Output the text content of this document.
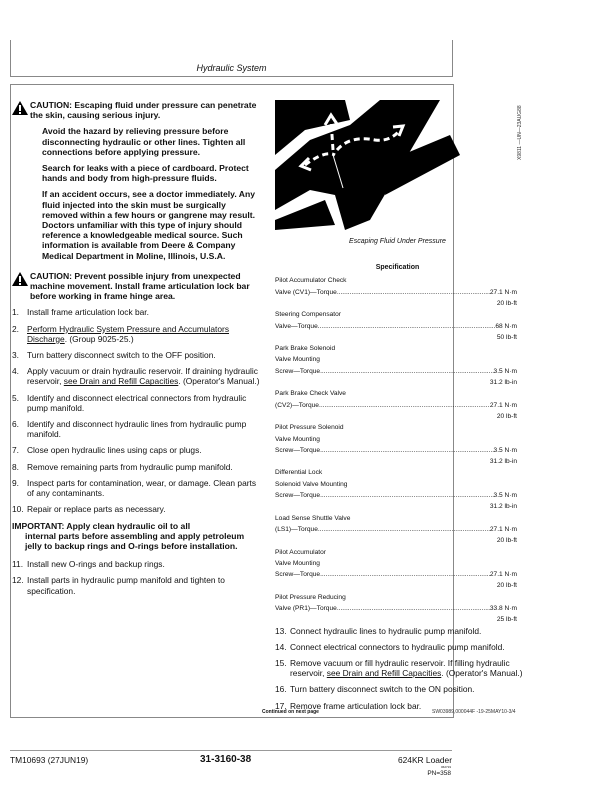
Hydraulic System

CAUTION: Escaping fluid under pressure can penetrate the skin, causing serious injury.

Avoid the hazard by relieving pressure before disconnecting hydraulic or other lines. Tighten all connections before applying pressure.

Search for leaks with a piece of cardboard. Protect hands and body from high-pressure fluids.

If an accident occurs, see a doctor immediately. Any fluid injected into the skin must be surgically removed within a few hours or gangrene may result. Doctors unfamiliar with this type of injury should reference a knowledgeable medical source. Such information is available from Deere & Company Medical Department in Moline, Illinois, U.S.A.

CAUTION: Prevent possible injury from unexpected machine movement. Install frame articulation lock bar before working in frame hinge area.

1. Install frame articulation lock bar.
2. Perform Hydraulic System Pressure and Accumulators Discharge. (Group 9025-25.)
3. Turn battery disconnect switch to the OFF position.
4. Apply vacuum or drain hydraulic reservoir. If draining hydraulic reservoir, see Drain and Refill Capacities. (Operator's Manual.)
5. Identify and disconnect electrical connectors from hydraulic pump manifold.
6. Identify and disconnect hydraulic lines from hydraulic pump manifold.
7. Close open hydraulic lines using caps or plugs.
8. Remove remaining parts from hydraulic pump manifold.
9. Inspect parts for contamination, wear, or damage. Clean parts of any contaminants.
10. Repair or replace parts as necessary.
IMPORTANT: Apply clean hydraulic oil to all
internal parts before assembling and apply petroleum jelly to backup rings and O-rings before installation.
11. Install new O-rings and backup rings.
12. Install parts in hydraulic pump manifold and tighten to specification.
X9811 —UN—23AUG88
Escaping Fluid Under Pressure
Specification
Pilot Accumulator Check
Valve (CV1)—Torque .....	27.1 N·m
20 lb-ft
Steering Compensator
Valve—Torque .....	68 N·m
50 lb-ft
Park Brake Solenoid
Valve Mounting
Screw—Torque .....	3.5 N·m
31.2 lb-in
Park Brake Check Valve
(CV2)—Torque .....	27.1 N·m
20 lb-ft
Pilot Pressure Solenoid
Valve Mounting
Screw—Torque .....	3.5 N·m
31.2 lb-in
Differential Lock
Solenoid Valve Mounting
Screw—Torque .....	3.5 N·m
31.2 lb-in
Load Sense Shuttle Valve
(LS1)—Torque .....	27.1 N·m
20 lb-ft
Pilot Accumulator
Valve Mounting
Screw—Torque .....	27.1 N·m
20 lb-ft
Pilot Pressure Reducing
Valve (PR1)—Torque .....	33.8 N·m
25 lb-ft
13. Connect hydraulic lines to hydraulic pump manifold.
14. Connect electrical connectors to hydraulic pump manifold.
15. Remove vacuum or fill hydraulic reservoir. If filling hydraulic reservoir, see Drain and Refill Capacities. (Operator's Manual.)
16. Turn battery disconnect switch to the ON position.
17. Remove frame articulation lock bar.
Continued on next page	SW03989,000044F -19-25MAY10-3/4
TM10693 (27JUN19)	31-3160-38	624KR Loader
062719
PN=358
